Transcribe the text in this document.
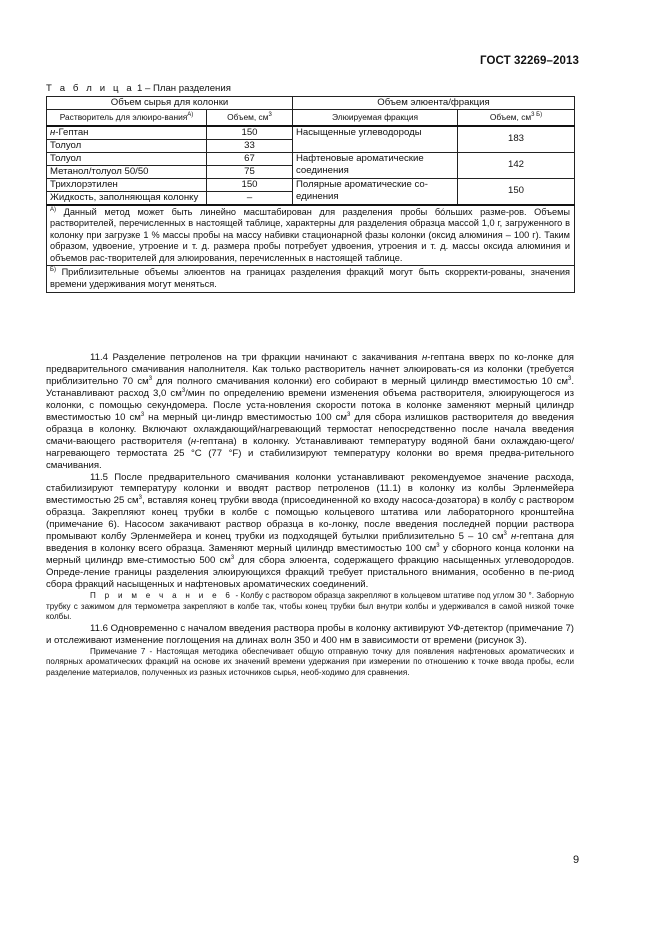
ГОСТ 32269–2013
Т а б л и ц а 1 – План разделения
Объем сырья для колонки		Объем элюента/фракция	
Растворитель для элюиро-вания$^{А)}$	Объем, $см^3$	Элюируемая фракция	Объем, $см^{3 Б)}$
н-Гептан	150	Насыщенные углеводороды	183
Толуол	33		
Толуол	67	Нафтеновые ароматические соединения	142
Метанол/толуол 50/50	75		
Трихлорэтилен	150	Полярные ароматические со-единения	150
Жидкость, заполняющая колонку	–		
$^{А)}$ Данный метод может быть линейно масштабирован для разделения пробы бóльших разме-ров. Объемы растворителей, перечисленных в настоящей таблице, характерны для разделения образца массой 1,0 г, загруженного в колонку при загрузке 1 % массы пробы на массу набивки стационарной фазы колонки (оксид алюминия – 100 г). Таким образом, удвоение, утроение и т. д. размера пробы потребует удвоения, утроения и т. д. массы оксида алюминия и объемов рас-творителей для элюирования, перечисленных в настоящей таблице.			
$^{Б)}$ Приблизительные объемы элюентов на границах разделения фракций могут быть скорректи-рованы, значения времени удерживания могут меняться.			

11.4 Разделение петроленов на три фракции начинают с закачивания н-гептана вверх по ко-лонке для предварительного смачивания наполнителя. Как только растворитель начнет элюировать-ся из колонки (требуется приблизительно 70 $см^3$ для полного смачивания колонки) его собирают в мерный цилиндр вместимостью 10 $см^3$. Устанавливают расход 3,0 $см^3$/мин по определению времени изменения объема растворителя, элюирующегося из колонки, с помощью секундомера. После уста-новления скорости потока в колонке заменяют мерный цилиндр вместимостью 10 $см^3$ на мерный ци-линдр вместимостью 100 $см^3$ для сбора излишков растворителя до введения образца в колонку. Включают охлаждающий/нагревающий термостат непосредственно после начала введения смачи-вающего растворителя (н-гептана) в колонку. Устанавливают температуру водяной бани охлаждаю-щего/нагревающего термостата 25 °С (77 °F) и стабилизируют температуру колонки во время предва-рительного смачивания.

11.5 После предварительного смачивания колонки устанавливают рекомендуемое значение расхода, стабилизируют температуру колонки и вводят раствор петроленов (11.1) в колонку из колбы Эрленмейера вместимостью 25 $см^3$, вставляя конец трубки ввода (присоединенной ко входу насоса-дозатора) в колбу с раствором образца. Закрепляют конец трубки в колбе с помощью кольцевого штатива или лабораторного кронштейна (примечание 6). Насосом закачивают раствор образца в ко-лонку, после введения последней порции раствора промывают колбу Эрленмейера и конец трубки из подходящей бутылки приблизительно 5 – 10 $см^3$ н-гептана для введения в колонку всего образца. Заменяют мерный цилиндр вместимостью 100 $см^3$ у сборного конца колонки на мерный цилиндр вме-стимостью 500 $см^3$ для сбора элюента, содержащего фракцию насыщенных углеводородов. Опреде-ление границы разделения элюирующихся фракций требует пристального внимания, особенно в пе-риод сбора фракций насыщенных и нафтеновых ароматических соединений.

П р и м е ч а н и е 6 - Колбу с раствором образца закрепляют в кольцевом штативе под углом 30 °. Заборную трубку с зажимом для термометра закрепляют в колбе так, чтобы конец трубки был внутри колбы и удерживался в самой низкой точке колбы.

11.6 Одновременно с началом введения раствора пробы в колонку активируют УФ-детектор (примечание 7) и отслеживают изменение поглощения на длинах волн 350 и 400 нм в зависимости от времени (рисунок 3).

Примечание 7 - Настоящая методика обеспечивает общую отправную точку для появления нафтеновых ароматических и полярных ароматических фракций на основе их значений времени удержания при измерении по отношению к точке ввода пробы, если разделение материалов, полученных из разных источников сырья, необ-ходимо для сравнения.

9
